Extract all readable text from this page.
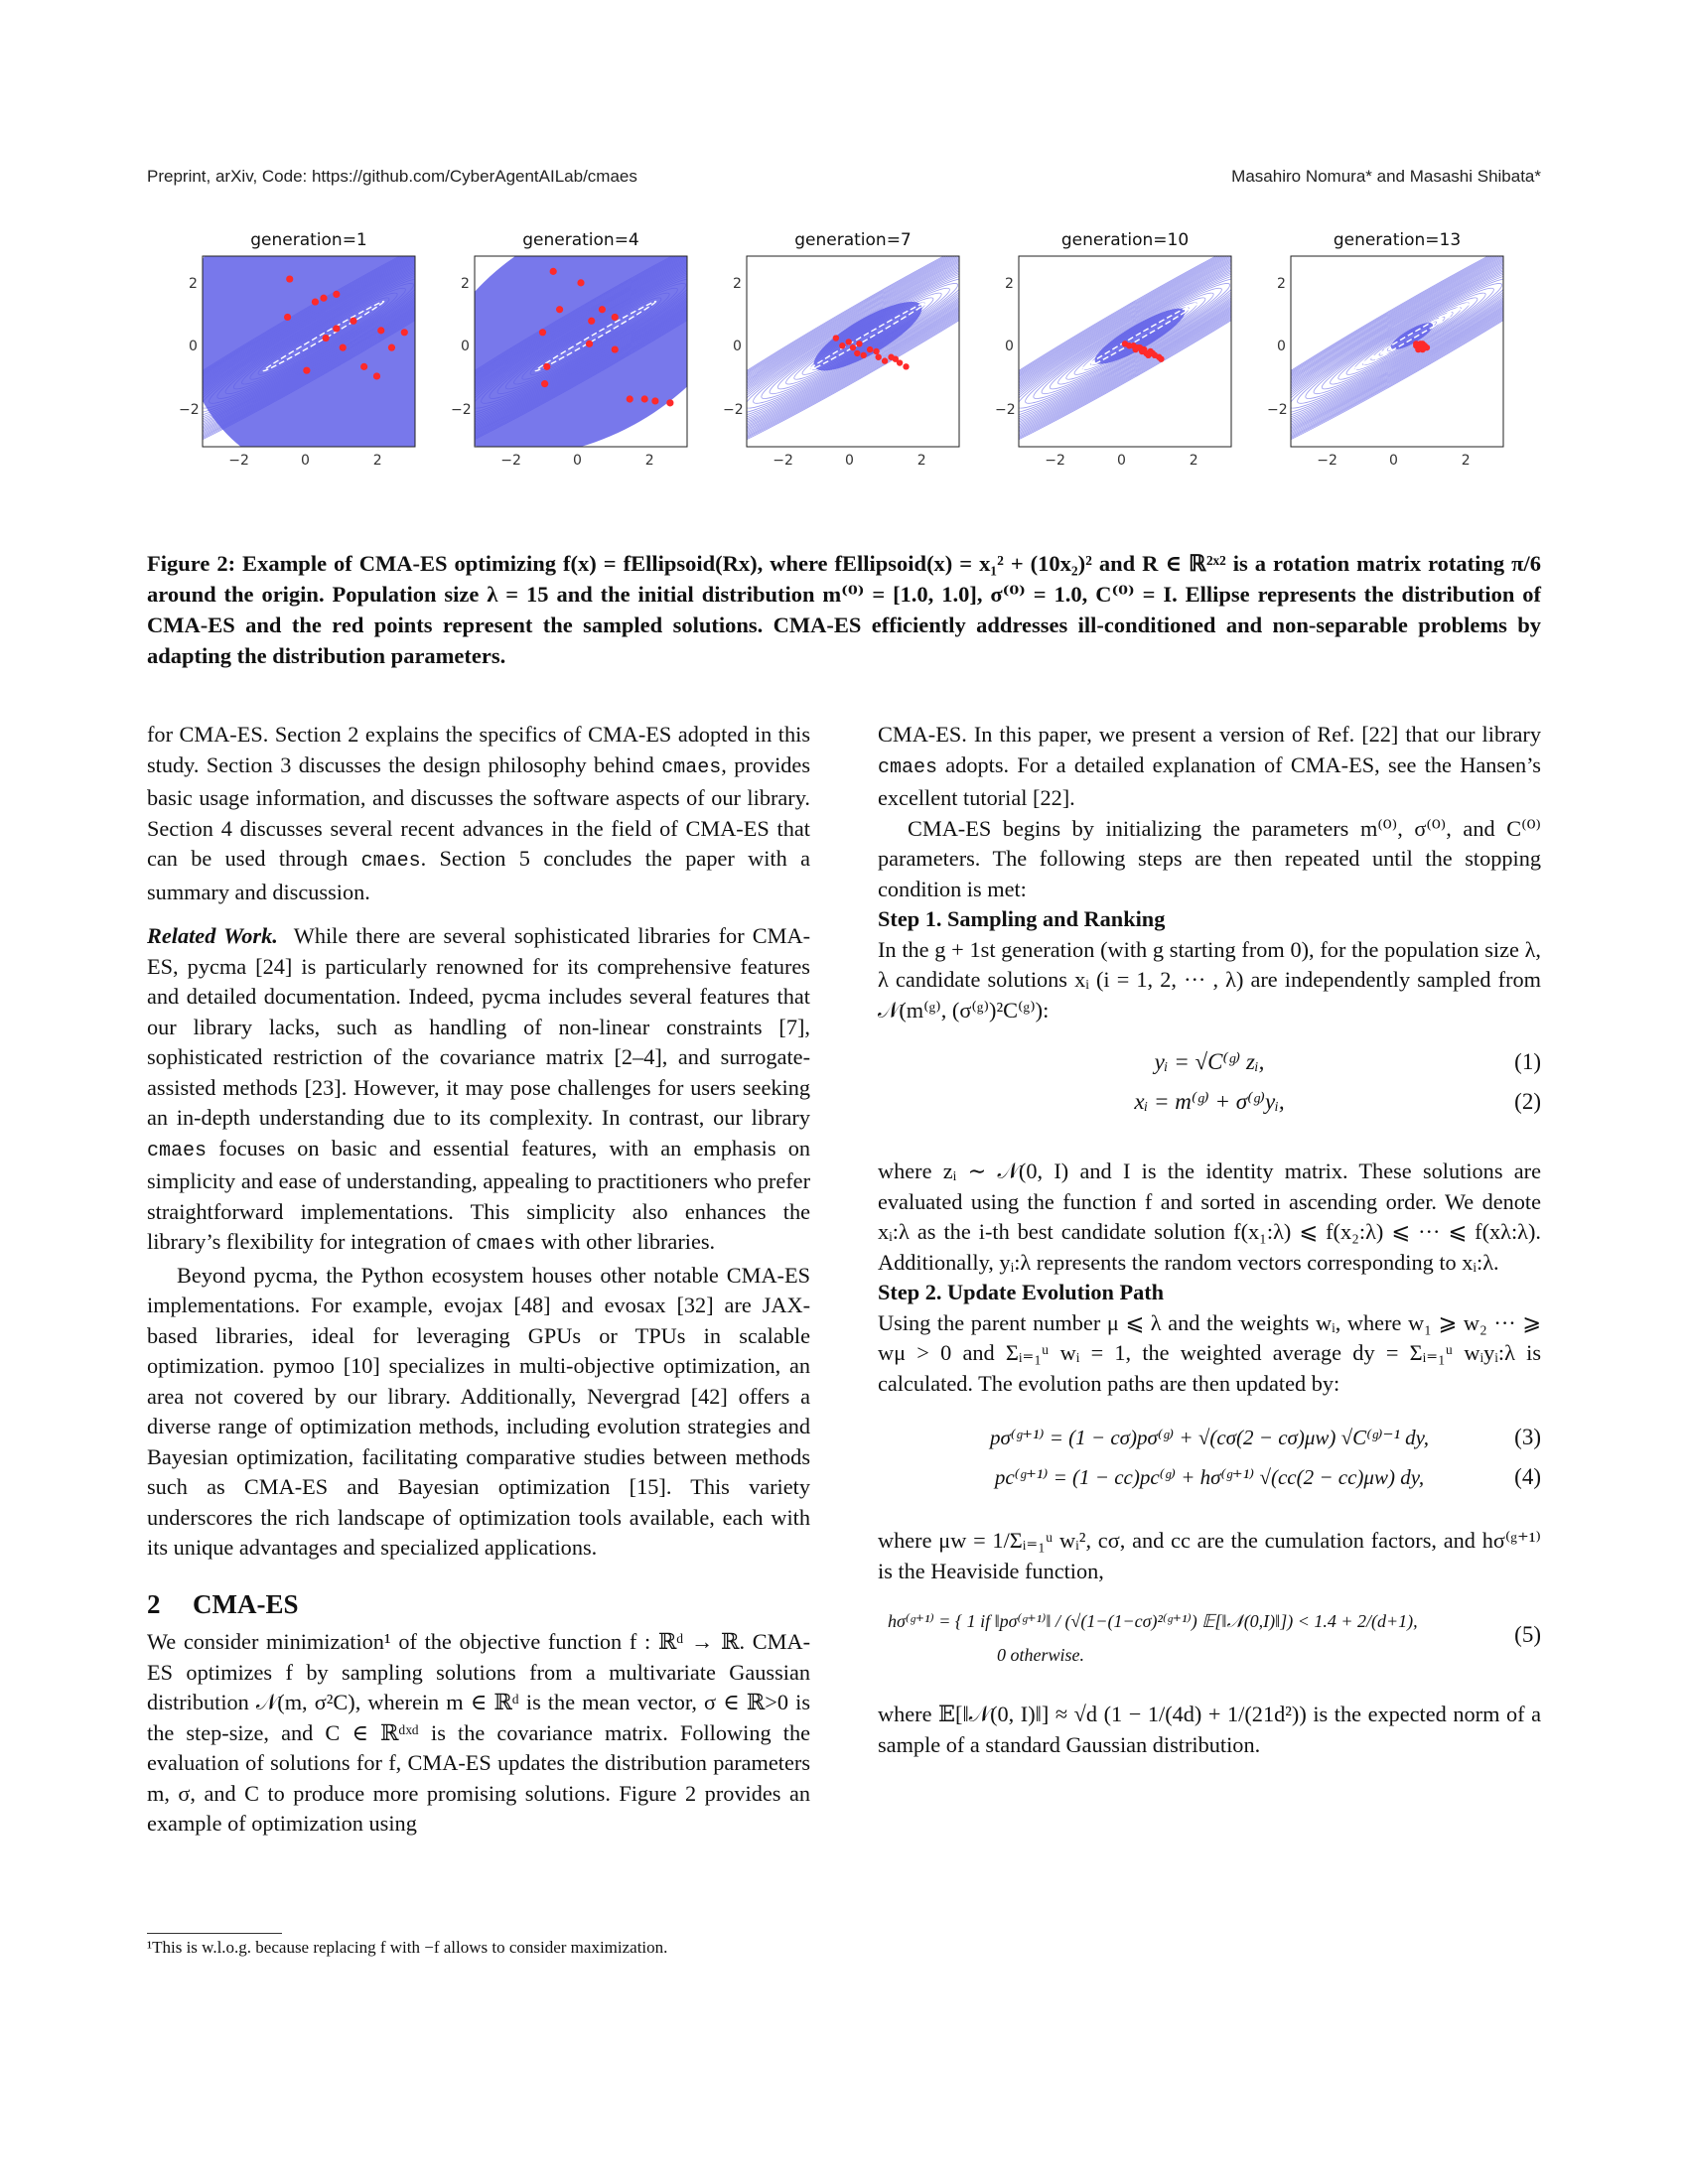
Preprint, arXiv, Code: https://github.com/CyberAgentAILab/cmaes	Masahiro Nomura* and Masashi Shibata*
generation=1
−2	0	2
2
0
−2
generation=4
−2	0	2
2
0
−2
generation=7
−2	0	2
2
0
−2
generation=10
−2	0	2
2
0
−2
generation=13
−2	0	2
2
0
−2
Figure 2: Example of CMA-ES optimizing f(x) = fEllipsoid(Rx), where fEllipsoid(x) = x₁² + (10x₂)² and R ∈ ℝ²ˣ² is a rotation matrix rotating π/6 around the origin. Population size λ = 15 and the initial distribution m⁽⁰⁾ = [1.0, 1.0], σ⁽⁰⁾ = 1.0, C⁽⁰⁾ = I. Ellipse represents the distribution of CMA-ES and the red points represent the sampled solutions. CMA-ES efficiently addresses ill-conditioned and non-separable problems by adapting the distribution parameters.

for CMA-ES. Section 2 explains the specifics of CMA-ES adopted in this study. Section 3 discusses the design philosophy behind cmaes, provides basic usage information, and discusses the software aspects of our library. Section 4 discusses several recent advances in the field of CMA-ES that can be used through cmaes. Section 5 concludes the paper with a summary and discussion.

Related Work. While there are several sophisticated libraries for CMA-ES, pycma [24] is particularly renowned for its comprehensive features and detailed documentation. Indeed, pycma includes several features that our library lacks, such as handling of non-linear constraints [7], sophisticated restriction of the covariance matrix [2–4], and surrogate-assisted methods [23]. However, it may pose challenges for users seeking an in-depth understanding due to its complexity. In contrast, our library cmaes focuses on basic and essential features, with an emphasis on simplicity and ease of understanding, appealing to practitioners who prefer straightforward implementations. This simplicity also enhances the library’s flexibility for integration of cmaes with other libraries.

Beyond pycma, the Python ecosystem houses other notable CMA-ES implementations. For example, evojax [48] and evosax [32] are JAX-based libraries, ideal for leveraging GPUs or TPUs in scalable optimization. pymoo [10] specializes in multi-objective optimization, an area not covered by our library. Additionally, Nevergrad [42] offers a diverse range of optimization methods, including evolution strategies and Bayesian optimization, facilitating comparative studies between methods such as CMA-ES and Bayesian optimization [15]. This variety underscores the rich landscape of optimization tools available, each with its unique advantages and specialized applications.

2 CMA-ES

We consider minimization¹ of the objective function f : ℝᵈ → ℝ. CMA-ES optimizes f by sampling solutions from a multivariate Gaussian distribution 𝒩(m, σ²C), wherein m ∈ ℝᵈ is the mean vector, σ ∈ ℝ>0 is the step-size, and C ∈ ℝᵈˣᵈ is the covariance matrix. Following the evaluation of solutions for f, CMA-ES updates the distribution parameters m, σ, and C to produce more promising solutions. Figure 2 provides an example of optimization using

¹This is w.l.o.g. because replacing f with −f allows to consider maximization.

CMA-ES. In this paper, we present a version of Ref. [22] that our library cmaes adopts. For a detailed explanation of CMA-ES, see the Hansen’s excellent tutorial [22].

CMA-ES begins by initializing the parameters m⁽⁰⁾, σ⁽⁰⁾, and C⁽⁰⁾ parameters. The following steps are then repeated until the stopping condition is met:

Step 1. Sampling and Ranking

In the g + 1st generation (with g starting from 0), for the population size λ, λ candidate solutions xᵢ (i = 1, 2, ··· , λ) are independently sampled from 𝒩(m⁽ᵍ⁾, (σ⁽ᵍ⁾)²C⁽ᵍ⁾):

yᵢ = √C⁽ᵍ⁾ zᵢ,	(1)
xᵢ = m⁽ᵍ⁾ + σ⁽ᵍ⁾yᵢ,	(2)

where zᵢ ∼ 𝒩(0, I) and I is the identity matrix. These solutions are evaluated using the function f and sorted in ascending order. We denote xᵢ:λ as the i-th best candidate solution f(x₁:λ) ⩽ f(x₂:λ) ⩽ ··· ⩽ f(xλ:λ). Additionally, yᵢ:λ represents the random vectors corresponding to xᵢ:λ.

Step 2. Update Evolution Path

Using the parent number μ ⩽ λ and the weights wᵢ, where w₁ ⩾ w₂ ··· ⩾ wμ > 0 and Σᵢ₌₁ᵘ wᵢ = 1, the weighted average dy = Σᵢ₌₁ᵘ wᵢyᵢ:λ is calculated. The evolution paths are then updated by:

pσ⁽ᵍ⁺¹⁾ = (1 − cσ)pσ⁽ᵍ⁾ + √(cσ(2 − cσ)μw) √C⁽ᵍ⁾⁻¹ dy,	(3)
pc⁽ᵍ⁺¹⁾ = (1 − cc)pc⁽ᵍ⁾ + hσ⁽ᵍ⁺¹⁾ √(cc(2 − cc)μw) dy,	(4)

where μw = 1/Σᵢ₌₁ᵘ wᵢ², cσ, and cc are the cumulation factors, and hσ⁽ᵍ⁺¹⁾ is the Heaviside function,

hσ⁽ᵍ⁺¹⁾ = { 1 if ‖pσ⁽ᵍ⁺¹⁾‖ / (√(1−(1−cσ)²⁽ᵍ⁺¹⁾) 𝔼[‖𝒩(0,I)‖]) < 1.4 + 2/(d+1),
(5)
0 otherwise.

where 𝔼[‖𝒩(0, I)‖] ≈ √d (1 − 1/(4d) + 1/(21d²)) is the expected norm of a sample of a standard Gaussian distribution.
